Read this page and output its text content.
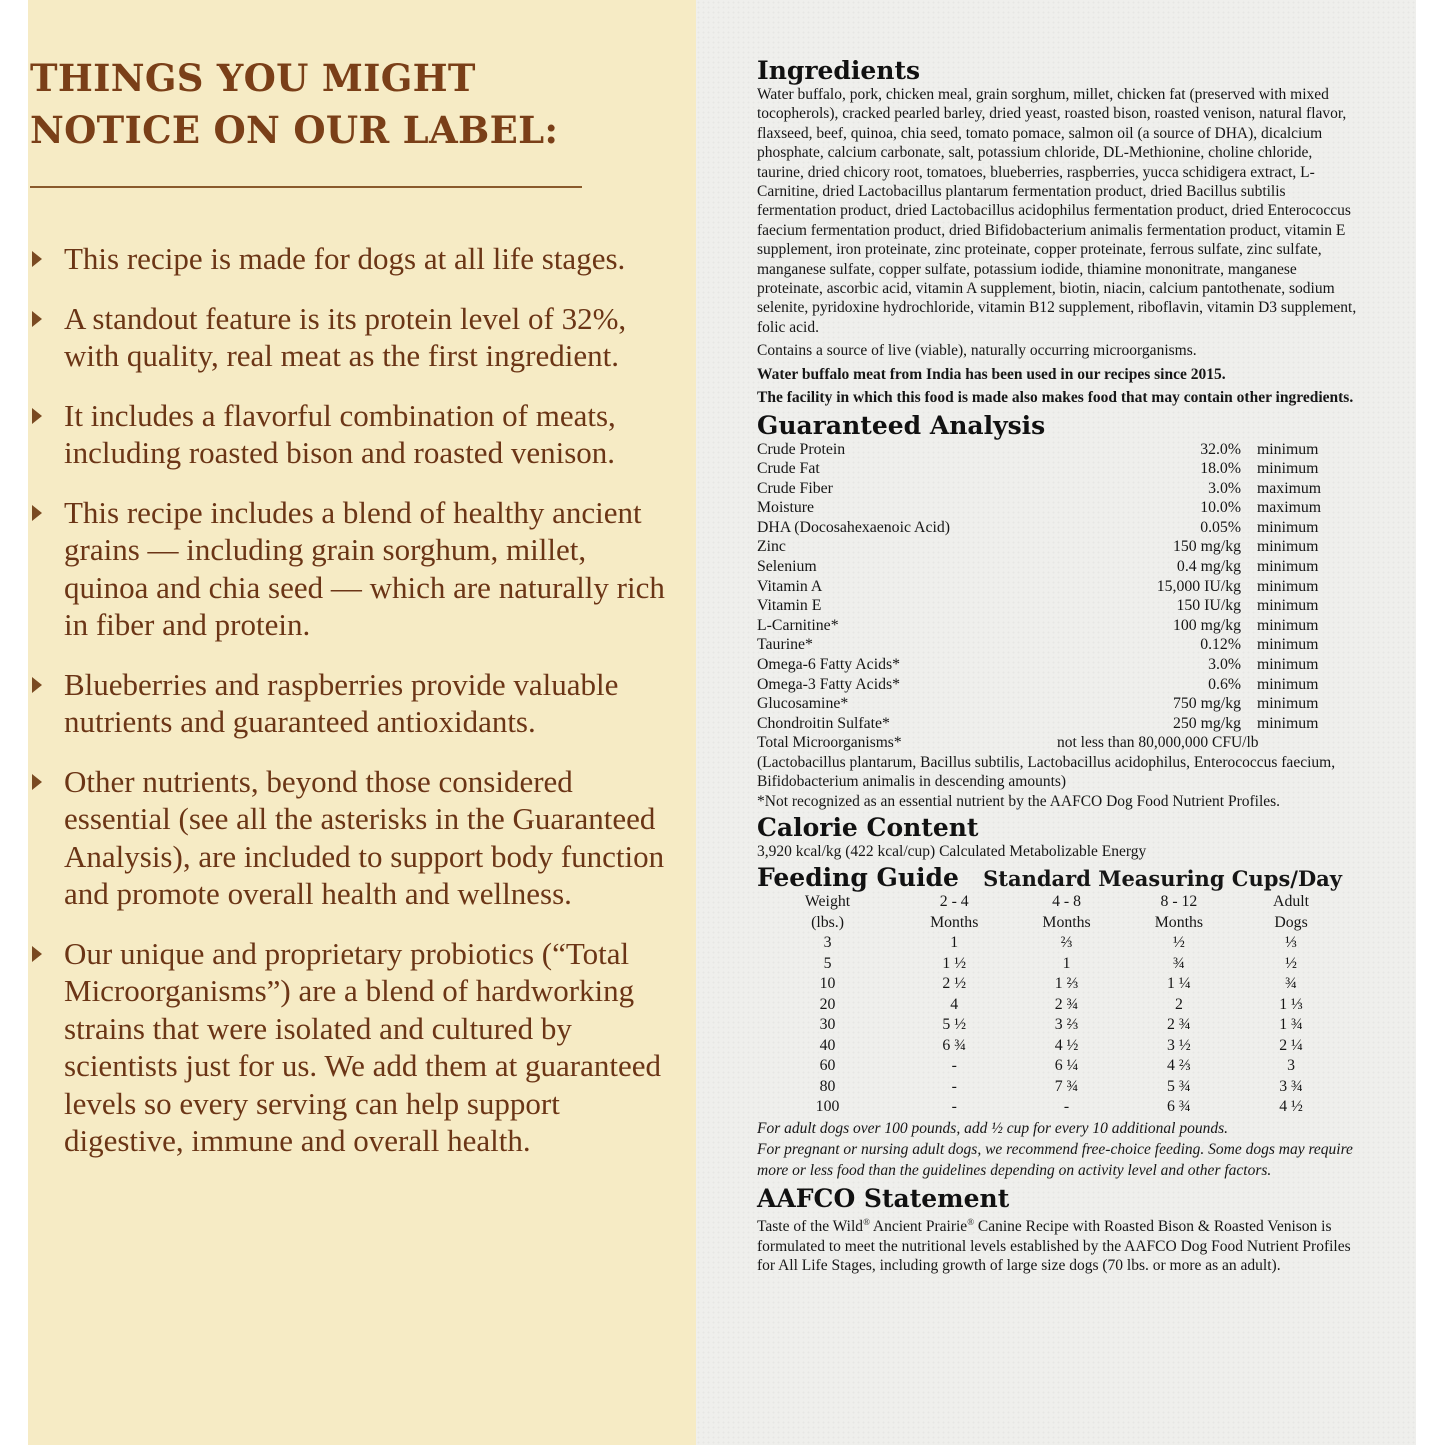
THINGS YOU MIGHT
NOTICE ON OUR LABEL:
This recipe is made for dogs at all life stages.
A standout feature is its protein level of 32%, with quality, real meat as the first ingredient.
It includes a flavorful combination of meats, including roasted bison and roasted venison.
This recipe includes a blend of healthy ancient grains — including grain sorghum, millet, quinoa and chia seed — which are naturally rich in fiber and protein.
Blueberries and raspberries provide valuable nutrients and guaranteed antioxidants.
Other nutrients, beyond those considered essential (see all the asterisks in the Guaranteed Analysis), are included to support body function and promote overall health and wellness.
Our unique and proprietary probiotics (“Total Microorganisms”) are a blend of hardworking strains that were isolated and cultured by scientists just for us. We add them at guaranteed levels so every serving can help support digestive, immune and overall health.

Ingredients

Water buffalo, pork, chicken meal, grain sorghum, millet, chicken fat (preserved with mixed tocopherols), cracked pearled barley, dried yeast, roasted bison, roasted venison, natural flavor, flaxseed, beef, quinoa, chia seed, tomato pomace, salmon oil (a source of DHA), dicalcium phosphate, calcium carbonate, salt, potassium chloride, DL-Methionine, choline chloride, taurine, dried chicory root, tomatoes, blueberries, raspberries, yucca schidigera extract, L-Carnitine, dried Lactobacillus plantarum fermentation product, dried Bacillus subtilis fermentation product, dried Lactobacillus acidophilus fermentation product, dried Enterococcus faecium fermentation product, dried Bifidobacterium animalis fermentation product, vitamin E supplement, iron proteinate, zinc proteinate, copper proteinate, ferrous sulfate, zinc sulfate, manganese sulfate, copper sulfate, potassium iodide, thiamine mononitrate, manganese proteinate, ascorbic acid, vitamin A supplement, biotin, niacin, calcium pantothenate, sodium selenite, pyridoxine hydrochloride, vitamin B12 supplement, riboflavin, vitamin D3 supplement, folic acid.

Contains a source of live (viable), naturally occurring microorganisms.

Water buffalo meat from India has been used in our recipes since 2015.

The facility in which this food is made also makes food that may contain other ingredients.

Guaranteed Analysis

Crude Protein	32.0%	minimum
Crude Fat	18.0%	minimum
Crude Fiber	3.0%	maximum
Moisture	10.0%	maximum
DHA (Docosahexaenoic Acid)	0.05%	minimum
Zinc	150 mg/kg	minimum
Selenium	0.4 mg/kg	minimum
Vitamin A	15,000 IU/kg	minimum
Vitamin E	150 IU/kg	minimum
L-Carnitine*	100 mg/kg	minimum
Taurine*	0.12%	minimum
Omega-6 Fatty Acids*	3.0%	minimum
Omega-3 Fatty Acids*	0.6%	minimum
Glucosamine*	750 mg/kg	minimum
Chondroitin Sulfate*	250 mg/kg	minimum
Total Microorganisms*	not less than 80,000,000 CFU/lb

(Lactobacillus plantarum, Bacillus subtilis, Lactobacillus acidophilus, Enterococcus faecium, Bifidobacterium animalis in descending amounts)

*Not recognized as an essential nutrient by the AAFCO Dog Food Nutrient Profiles.

Calorie Content

3,920 kcal/kg (422 kcal/cup) Calculated Metabolizable Energy

Feeding Guide Standard Measuring Cups/Day
Weight	2 - 4	4 - 8	8 - 12	Adult
(lbs.)	Months	Months	Months	Dogs
3	1	⅔	½	⅓
5	1 ½	1	¾	½
10	2 ½	1 ⅔	1 ¼	¾
20	4	2 ¾	2	1 ⅓
30	5 ½	3 ⅔	2 ¾	1 ¾
40	6 ¾	4 ½	3 ½	2 ¼
60	-	6 ¼	4 ⅔	3
80	-	7 ¾	5 ¾	3 ¾
100	-	-	6 ¾	4 ½

For adult dogs over 100 pounds, add ½ cup for every 10 additional pounds.

For pregnant or nursing adult dogs, we recommend free-choice feeding. Some dogs may require more or less food than the guidelines depending on activity level and other factors.

AAFCO Statement

Taste of the Wild® Ancient Prairie® Canine Recipe with Roasted Bison & Roasted Venison is formulated to meet the nutritional levels established by the AAFCO Dog Food Nutrient Profiles for All Life Stages, including growth of large size dogs (70 lbs. or more as an adult).
